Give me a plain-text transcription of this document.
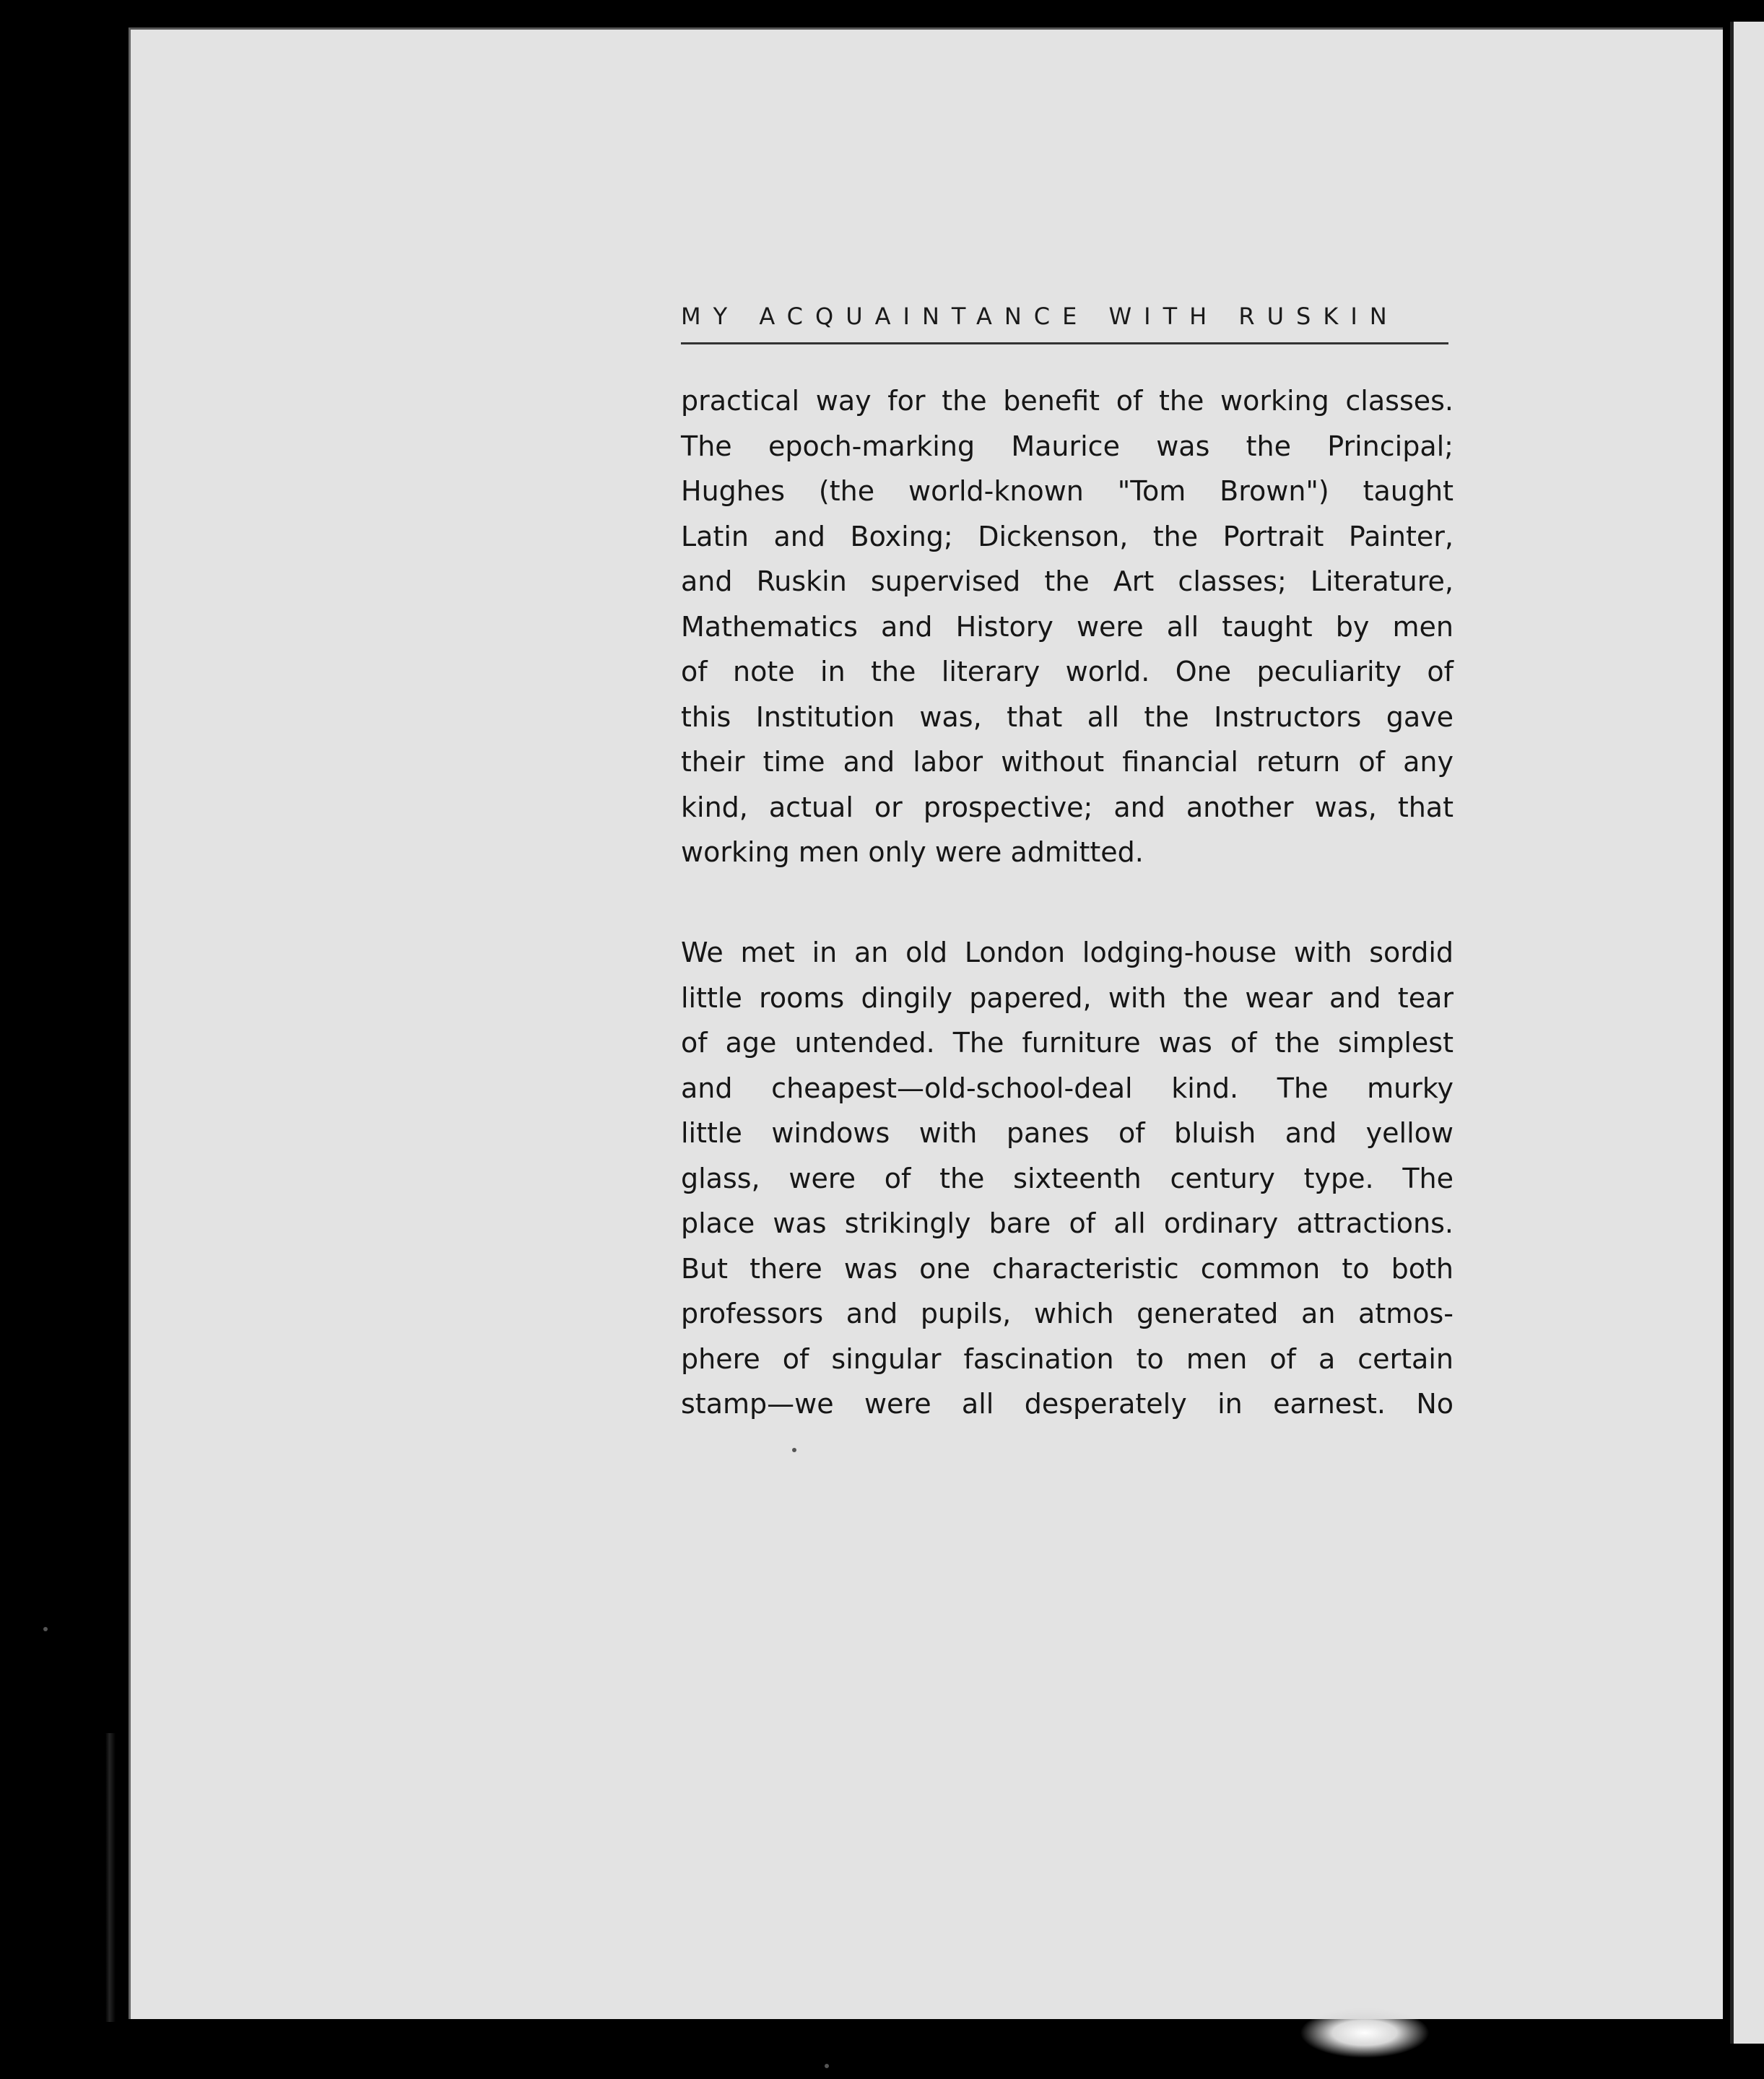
MY ACQUAINTANCE WITH RUSKIN
practical way for the benefit of the working classes.
The epoch-marking Maurice was the Principal;
Hughes (the world-known "Tom Brown") taught
Latin and Boxing; Dickenson, the Portrait Painter,
and Ruskin supervised the Art classes; Literature,
Mathematics and History were all taught by men
of note in the literary world. One peculiarity of
this Institution was, that all the Instructors gave
their time and labor without financial return of any
kind, actual or prospective; and another was, that
working men only were admitted.
We met in an old London lodging-house with sordid
little rooms dingily papered, with the wear and tear
of age untended. The furniture was of the simplest
and cheapest—old-school-deal kind. The murky
little windows with panes of bluish and yellow
glass, were of the sixteenth century type. The
place was strikingly bare of all ordinary attractions.
But there was one characteristic common to both
professors and pupils, which generated an atmos-
phere of singular fascination to men of a certain
stamp—we were all desperately in earnest. No
